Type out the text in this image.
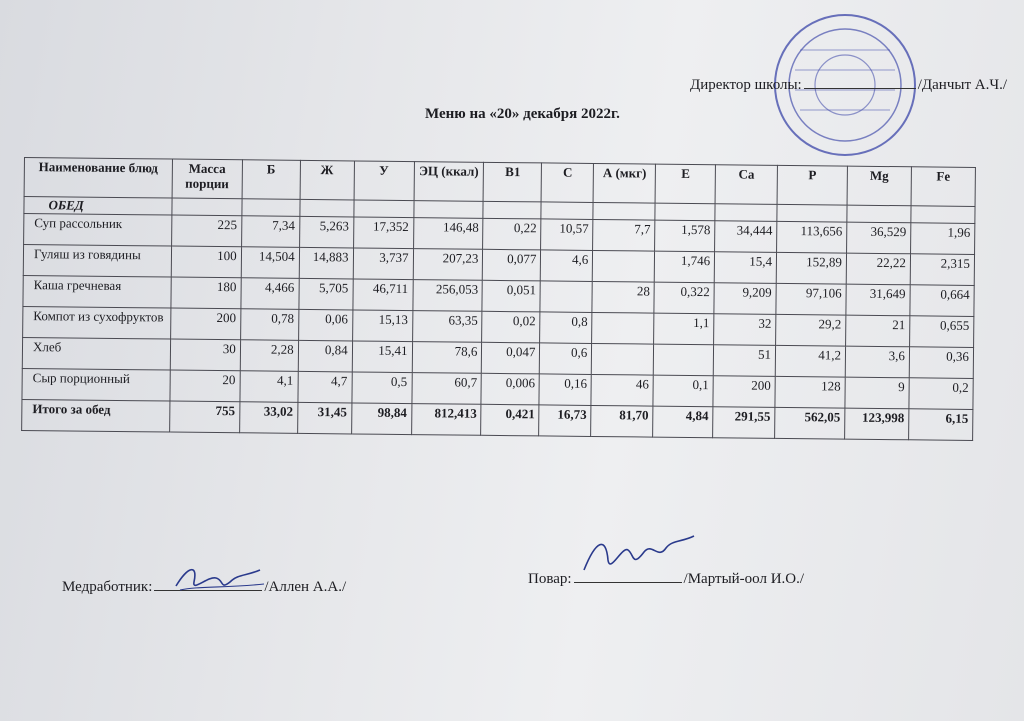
Директор школы:	/Данчыт А.Ч./
Меню на «20» декабря 2022г.
Наименование блюд	Масса порции	Б	Ж	У	ЭЦ (ккал)	В1	С	А (мкг)	Е	Ca	P	Mg	Fe
ОБЕД													
Суп рассольник	225	7,34	5,263	17,352	146,48	0,22	10,57	7,7	1,578	34,444	113,656	36,529	1,96
Гуляш из говядины	100	14,504	14,883	3,737	207,23	0,077	4,6		1,746	15,4	152,89	22,22	2,315
Каша гречневая	180	4,466	5,705	46,711	256,053	0,051		28	0,322	9,209	97,106	31,649	0,664
Компот из сухофруктов	200	0,78	0,06	15,13	63,35	0,02	0,8		1,1	32	29,2	21	0,655
Хлеб	30	2,28	0,84	15,41	78,6	0,047	0,6			51	41,2	3,6	0,36
Сыр порционный	20	4,1	4,7	0,5	60,7	0,006	0,16	46	0,1	200	128	9	0,2
Итого за обед	755	33,02	31,45	98,84	812,413	0,421	16,73	81,70	4,84	291,55	562,05	123,998	6,15
Медработник:	/Аллен А.А./	Повар:	/Мартый-оол И.О./
